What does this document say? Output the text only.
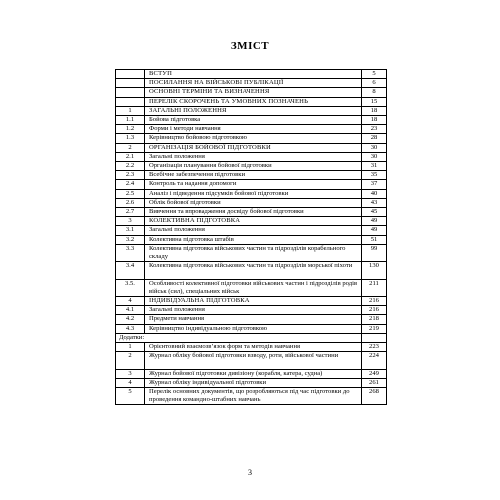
ЗМІСТ
	ВСТУП	5
	ПОСИЛАННЯ НА ВІЙСЬКОВІ ПУБЛІКАЦІЇ	6
	ОСНОВНІ ТЕРМІНИ ТА ВИЗНАЧЕННЯ	8
	ПЕРЕЛІК СКОРОЧЕНЬ ТА УМОВНИХ ПОЗНАЧЕНЬ	15
1	ЗАГАЛЬНІ ПОЛОЖЕННЯ	18
1.1	Бойова підготовка	18
1.2	Форми і методи навчання	23
1.3	Керівництво бойовою підготовкою	28
2	ОРГАНІЗАЦІЯ БОЙОВОЇ ПІДГОТОВКИ	30
2.1	Загальні положення	30
2.2	Організація планування бойової підготовки	31
2.3	Всебічне забезпечення підготовки	35
2.4	Контроль та надання допомоги	37
2.5	Аналіз і підведення підсумків бойової підготовки	40
2.6	Облік бойової підготовки	43
2.7	Вивчення та впровадження досвіду бойової підготовки	45
3	КОЛЕКТИВНА ПІДГОТОВКА	49
3.1	Загальні положення	49
3.2	Колективна підготовка штабів	51
3.3	Колективна підготовка військових частин та підрозділів корабельного складу	99
3.4	Колективна підготовка військових частин та підрозділів морської піхоти	130
3.5.	Особливості колективної підготовки військових частин і підрозділів родів військ (сил), спеціальних військ	211
4	ІНДИВІДУАЛЬНА ПІДГОТОВКА	216
4.1	Загальні положення	216
4.2	Предмети навчання	218
4.3	Керівництво індивідуальною підготовкою	219
Додатки:		
1	Орієнтовний взаємозв’язок форм та методів навчання	223
2	Журнал обліку бойової підготовки взводу, роти, військової частини	224
3	Журнал бойової підготовки дивізіону (корабля, катера, судна)	249
4	Журнал обліку індивідуальної підготовки	261
5	Перелік основних документів, що розробляються під час підготовки до проведення командно-штабних навчань	268
3
